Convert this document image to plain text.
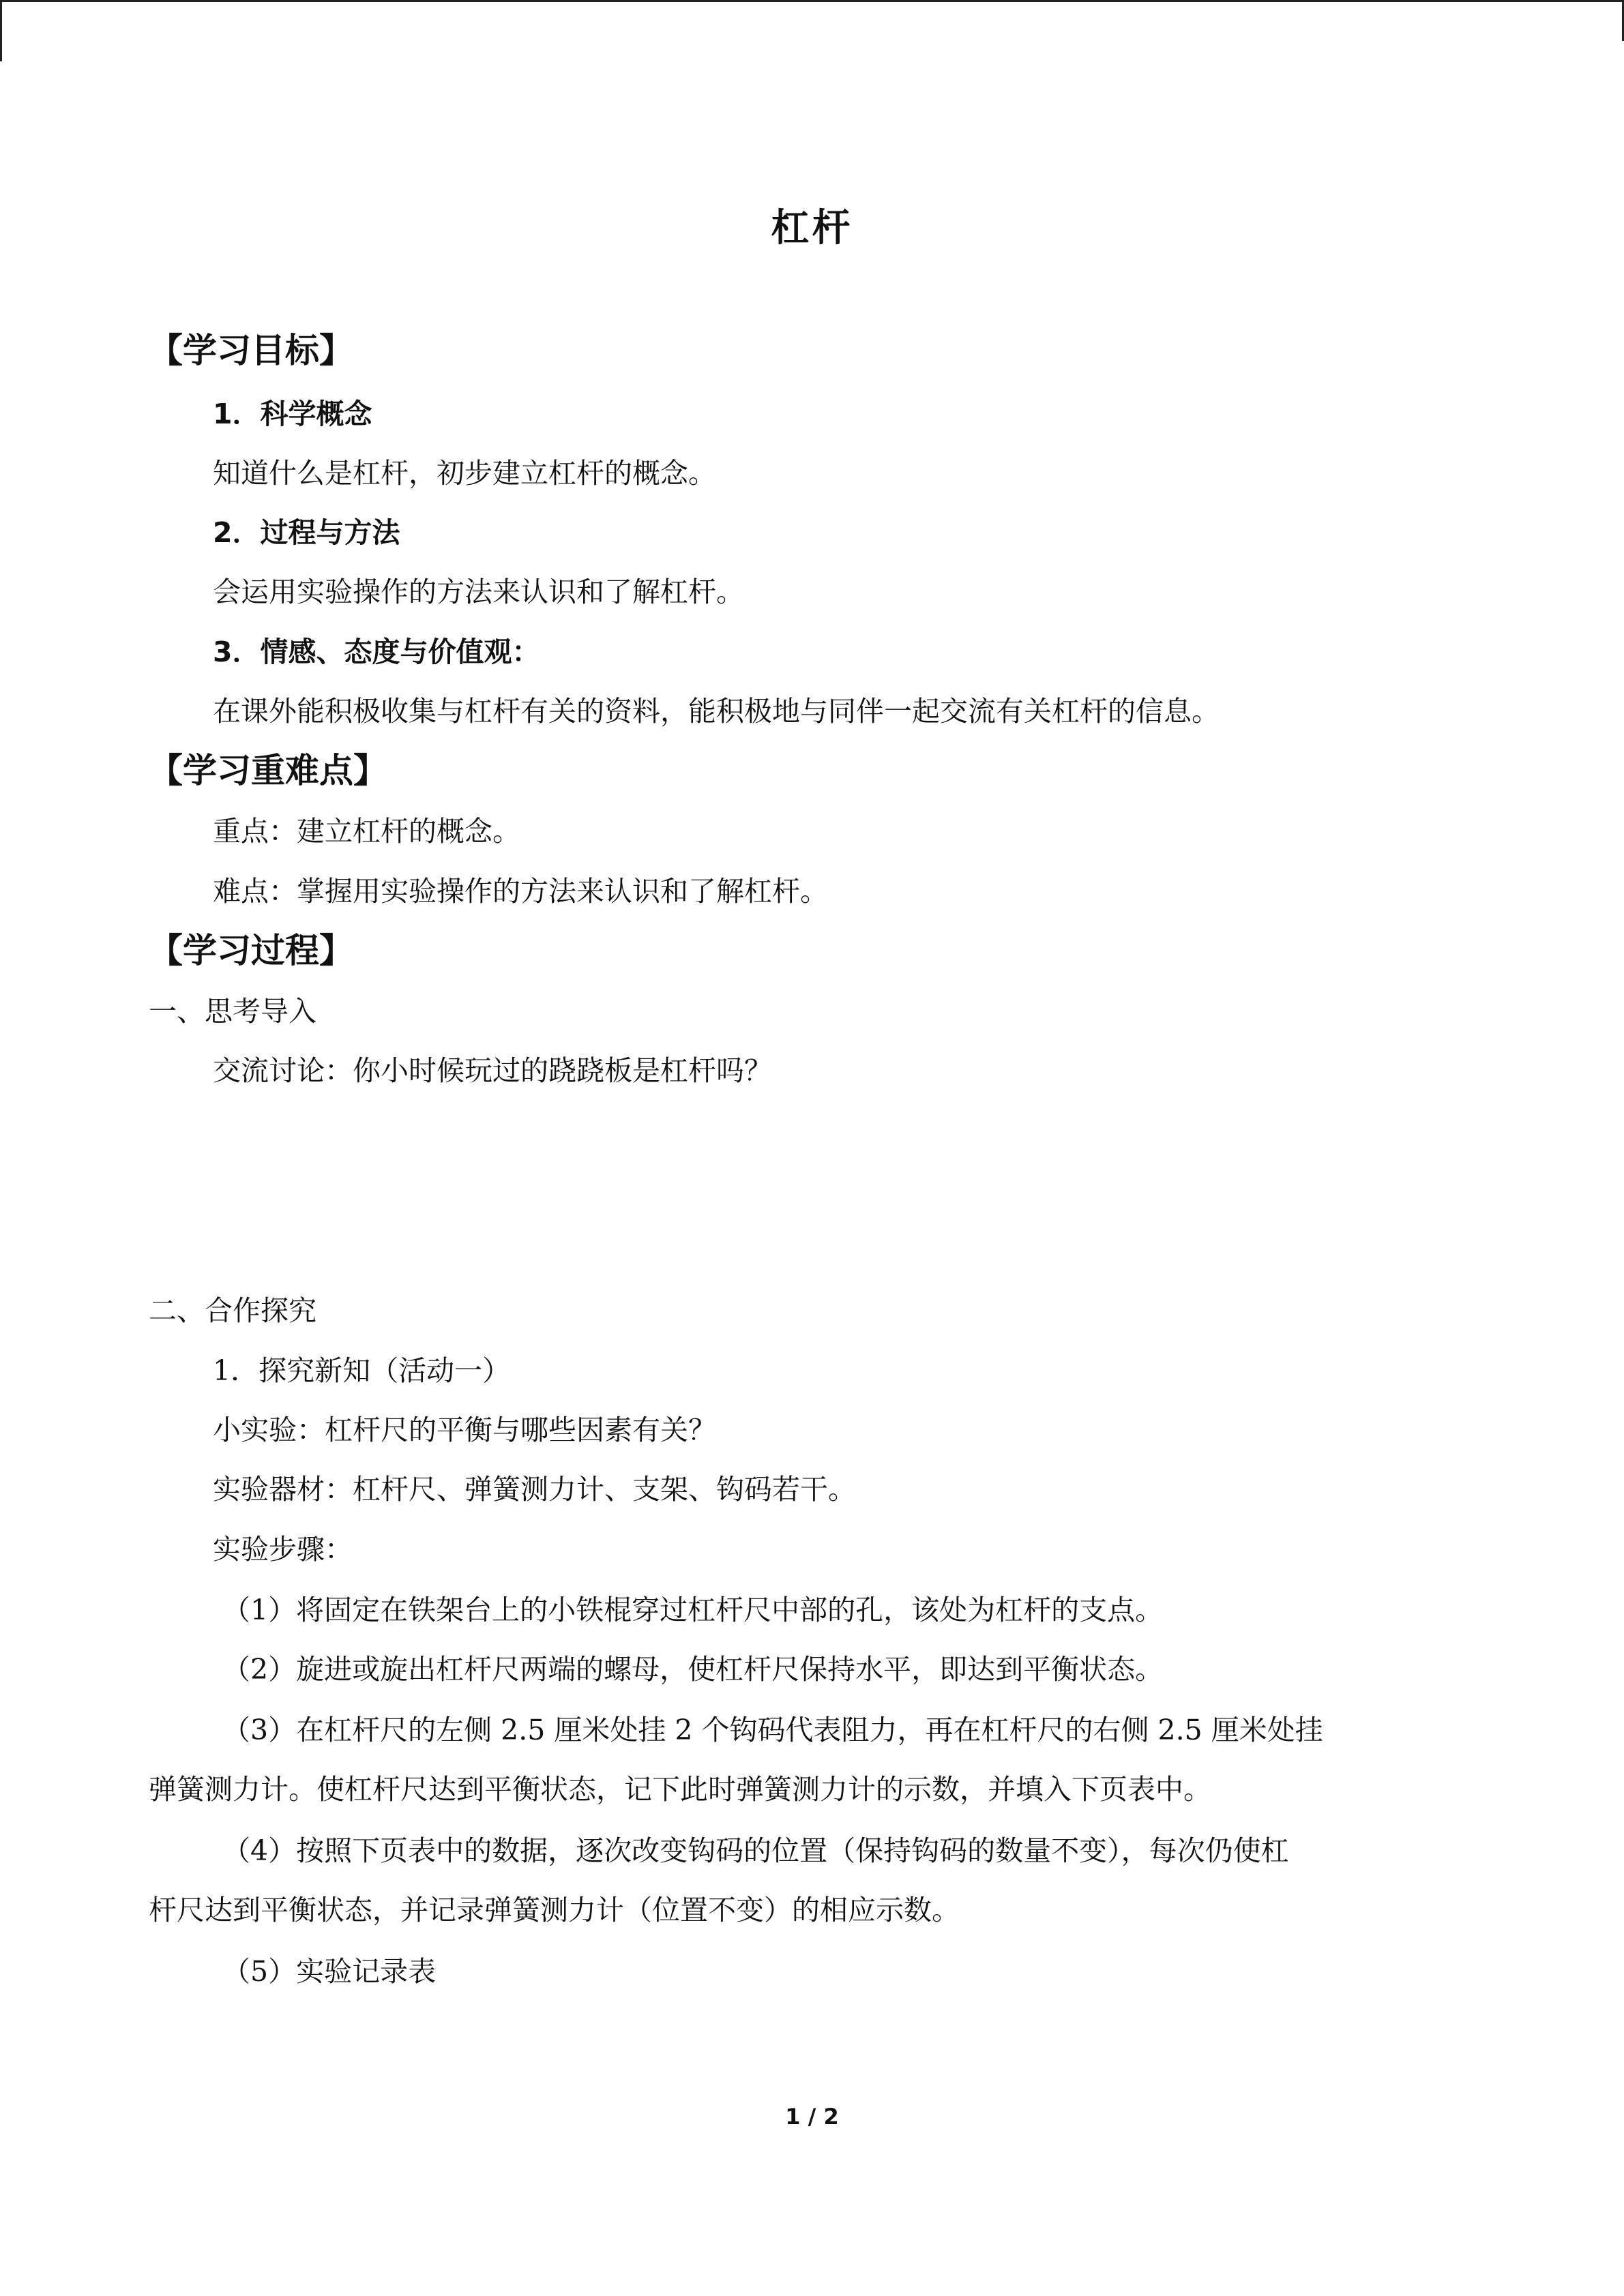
杠杆
【学习目标】
1．科学概念
知道什么是杠杆，初步建立杠杆的概念。
2．过程与方法
会运用实验操作的方法来认识和了解杠杆。
3．情感、态度与价值观：
在课外能积极收集与杠杆有关的资料，能积极地与同伴一起交流有关杠杆的信息。
【学习重难点】
重点：建立杠杆的概念。
难点：掌握用实验操作的方法来认识和了解杠杆。
【学习过程】
一、思考导入
交流讨论：你小时候玩过的跷跷板是杠杆吗？
二、合作探究
1．探究新知（活动一）
小实验：杠杆尺的平衡与哪些因素有关？
实验器材：杠杆尺、弹簧测力计、支架、钩码若干。
实验步骤：
（1）将固定在铁架台上的小铁棍穿过杠杆尺中部的孔，该处为杠杆的支点。
（2）旋进或旋出杠杆尺两端的螺母，使杠杆尺保持水平，即达到平衡状态。
（3）在杠杆尺的左侧 2.5 厘米处挂 2 个钩码代表阻力，再在杠杆尺的右侧 2.5 厘米处挂
弹簧测力计。使杠杆尺达到平衡状态，记下此时弹簧测力计的示数，并填入下页表中。
（4）按照下页表中的数据，逐次改变钩码的位置（保持钩码的数量不变），每次仍使杠
杆尺达到平衡状态，并记录弹簧测力计（位置不变）的相应示数。
（5）实验记录表
1 / 2
